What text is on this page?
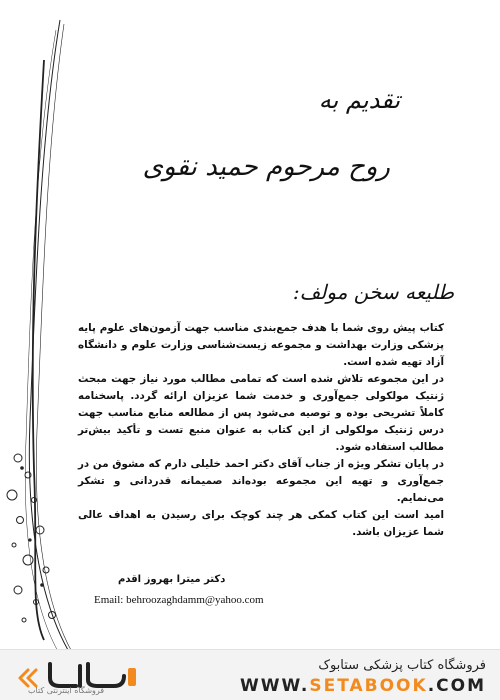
تقدیم به
روح مرحوم حمید نقوی
طلیعه سخن مولف:

کتاب پیش روی شما با هدف جمع‌بندی مناسب جهت آزمون‌های علوم پایه پزشکی وزارت بهداشت و مجموعه زیست‌شناسی وزارت علوم و دانشگاه آزاد تهیه شده است.

در این مجموعه تلاش شده است که تمامی مطالب مورد نیاز جهت مبحث ژنتیک مولکولی جمع‌آوری و خدمت شما عزیزان ارائه گردد. پاسخنامه کاملاً تشریحی بوده و توصیه می‌شود پس از مطالعه منابع مناسب جهت درس ژنتیک مولکولی از این کتاب به عنوان منبع تست و تأکید بیش‌تر مطالب استفاده شود.

در پایان تشکر ویژه از جناب آقای دکتر احمد خلیلی دارم که مشوق من در جمع‌آوری و تهیه این مجموعه بوده‌اند صمیمانه قدردانی و تشکر می‌نمایم.

امید است این کتاب کمکی هر چند کوچک برای رسیدن به اهداف عالی شما عزیزان باشد.

دکتر میترا بهروز اقدم
Email: behroozaghdamm@yahoo.com
فروشگاه اینترنتی کتاب
فروشگاه کتاب پزشکی ستابوک
WWW.SETABOOK.COM
